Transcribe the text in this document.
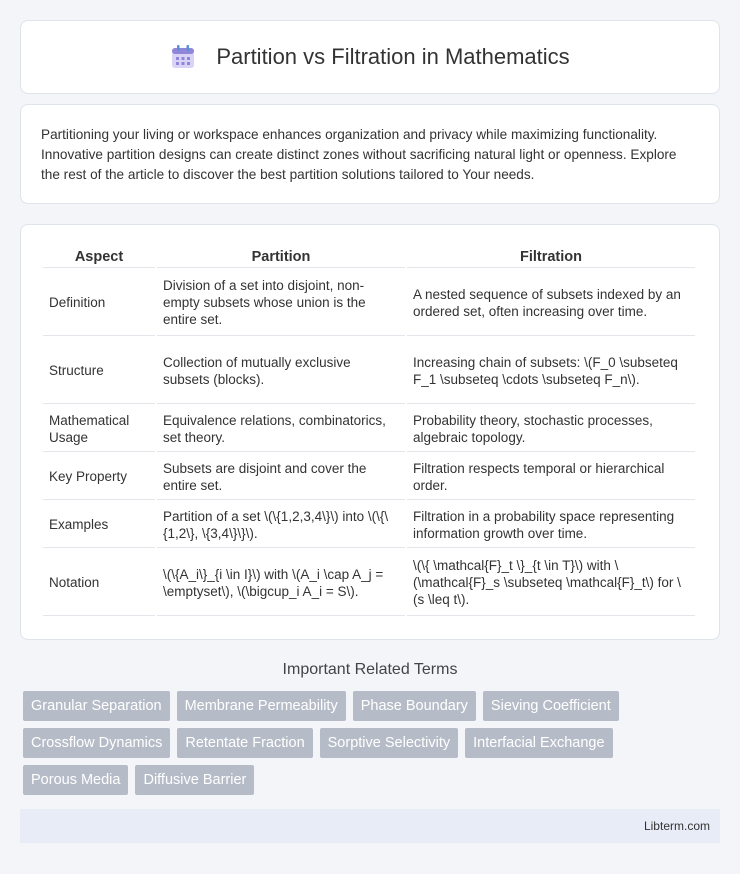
Partition vs Filtration in Mathematics

Partitioning your living or workspace enhances organization and privacy while maximizing functionality. Innovative partition designs can create distinct zones without sacrificing natural light or openness. Explore the rest of the article to discover the best partition solutions tailored to Your needs.

Aspect	Partition	Filtration
Definition	Division of a set into disjoint, non-empty subsets whose union is the entire set.	A nested sequence of subsets indexed by an ordered set, often increasing over time.
Structure	Collection of mutually exclusive subsets (blocks).	Increasing chain of subsets: \(F_0 \subseteq F_1 \subseteq \cdots \subseteq F_n\).
Mathematical Usage	Equivalence relations, combinatorics, set theory.	Probability theory, stochastic processes, algebraic topology.
Key Property	Subsets are disjoint and cover the entire set.	Filtration respects temporal or hierarchical order.
Examples	Partition of a set \(\{1,2,3,4\}\) into \(\{\{1,2\}, \{3,4\}\}\).	Filtration in a probability space representing information growth over time.
Notation	\(\{A_i\}_{i \in I}\) with \(A_i \cap A_j = \emptyset\), \(\bigcup_i A_i = S\).	\(\{ \mathcal{F}_t \}_{t \in T}\) with \(\mathcal{F}_s \subseteq \mathcal{F}_t\) for \(s \leq t\).
Important Related Terms
Granular Separation	Membrane Permeability	Phase Boundary	Sieving Coefficient
Crossflow Dynamics	Retentate Fraction	Sorptive Selectivity	Interfacial Exchange
Porous Media	Diffusive Barrier
Libterm.com
